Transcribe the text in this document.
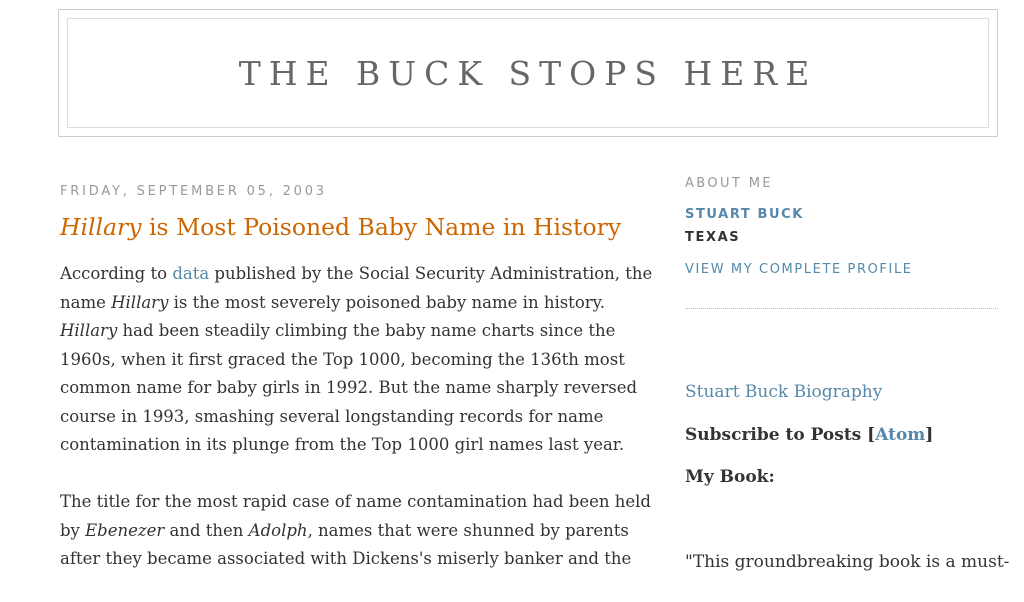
THE BUCK STOPS HERE
FRIDAY, SEPTEMBER 05, 2003
Hillary is Most Poisoned Baby Name in History

According to data published by the Social Security Administration, the
name Hillary is the most severely poisoned baby name in history.
Hillary had been steadily climbing the baby name charts since the
1960s, when it first graced the Top 1000, becoming the 136th most
common name for baby girls in 1992. But the name sharply reversed
course in 1993, smashing several longstanding records for name
contamination in its plunge from the Top 1000 girl names last year.

The title for the most rapid case of name contamination had been held
by Ebenezer and then Adolph, names that were shunned by parents
after they became associated with Dickens's miserly banker and the

ABOUT ME
STUART BUCK
TEXAS
VIEW MY COMPLETE PROFILE
Stuart Buck Biography
Subscribe to Posts [Atom]
My Book:
"This groundbreaking book is a must-
